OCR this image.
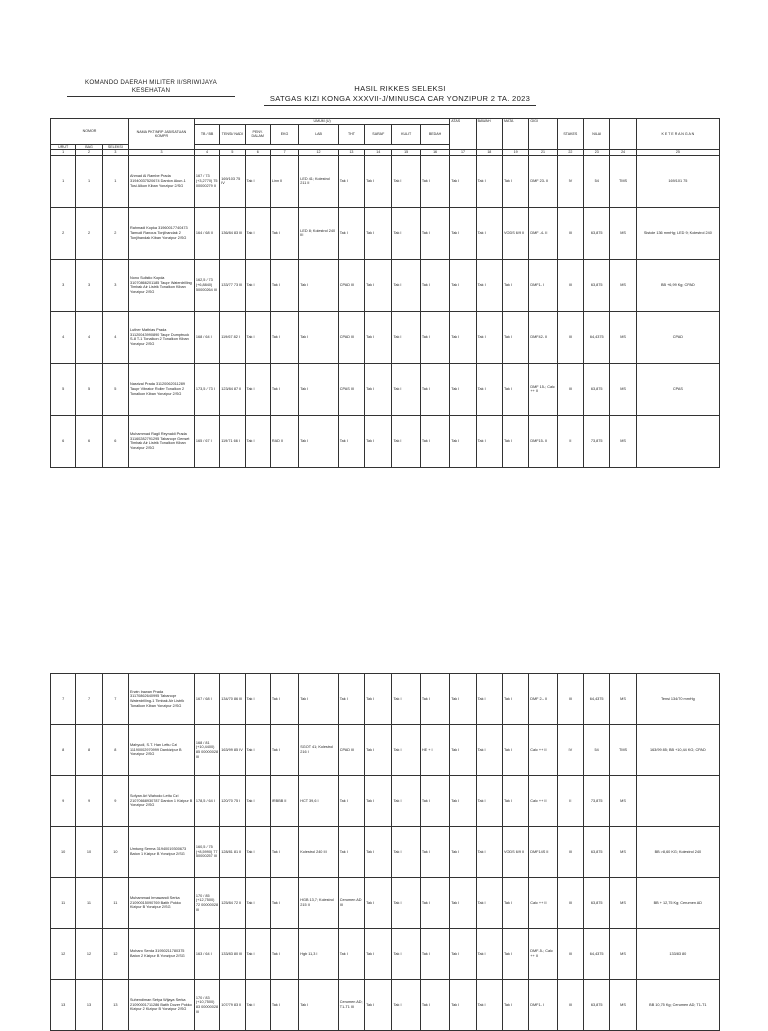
KOMANDO DAERAH MILITER II/SRIWIJAYA
KESEHATAN	HASIL RIKKES SELEKSI
SATGAS KIZI KONGA XXXVII-J/MINUSCA CAR YONZIPUR 2 TA. 2023
NOMOR			NAMA PKT/NRP JAB/SATUAN KOMPR	UMUM (U)									ATAS	BAWAH	MATA	GIGI	STAKES	NILAI		K E T E R A N G A N
				TB / BB	TENSI/ NADI	PENY. DALAM	EKG	LAB	THT	SARAF	KULIT	BEDAH								
URUT	BAG	SELEKSI																		
1	2	3	3	4	5	6	7	12	13	14	15	16	17	18	19	21	22	23	24	25
1	1	1	Ahmad Al Rambe Prada 31940037520674 Danton Akun-1 Tosi Alkon Kiban Yonzipur 2/SG	167 / 73 (+3,2770) 75 00000279 II	169/103 75 IV	Tak I	Linn II	LED 41; Kolestrol 211 II	Tak I	Tak I	Tak I	Tak I	Tak I	Tak I	Tak I	DMF 23- II	IV	54	TMS	169/101 75
2	2	2	Rahmadi Kopka 31960017740473 Tamudi Ranous Tonjihandak 2 Tonjihandak Kiban Yonzipur 2/SG	164 / 68 II	136/84 83 III	Tak I	Tak I	LED 8; Kolestrol 240 III	Tak I	Tak I	Tak I	Tak I	Tak I	Tak I	VODS 6/9 II	DMF -4- II	III	63,875	MS	Sistole 136 mmHg; LED 9; Kolestrol 240
3	3	3	Nono Sulistio Kopda 31070866201185 Taupr Waterdrilling Timbak Air Listrik Tonalkon Kiban Yonzipur 2/SG	162,5 / 73 (+6,8840) 50000264 III	133/77 73 III	Tak I	Tak I	Tak I	CPAD III	Tak I	Tak I	Tak I	Tak I	Tak I	Tak I	DMF1- I	III	63,875	MS	BB +6,99 Kg; CPAD
4	4	4	Luther Mathias Prada 31120043990890 Taupr Dumptruck S-8 T-1 Tonalkon 2 Tonalkon Kiban Yonzipur 2/SG	168 / 64 I	119/67 82 I	Tak I	Tak I	Tak I	CPAD III	Tak I	Tak I	Tak I	Tak I	Tak I	Tak I	DMF42- II	III	64,4375	MS	CPAD
5	5	5	Nasrizal Prada 31120062011289 Taupr Vibrator Roller Tonalkon 2 Tonalkon Kiban Yonzipur 2/SG	173,5 / 73 I	123/84 87 II	Tak I	Tak I	Tak I	CPAS III	Tak I	Tak I	Tak I	Tak I	Tak I	Tak I	DMF 15-; Calc ++ II	III	63,875	MS	CPAS
6	6	6	Muhammad Ragil Reynaldi Prada 31160282791295 Tabanopr Genset Timbak Air Listrik Tonalkon Kiban Yonzipur 2/SG	165 / 67 I	119/71 66 I	Tak I	RAD II	Tak I	Tak I	Tak I	Tak I	Tak I	Tak I	Tak I	Tak I	DMF15- II	II	73,875	MS	
7	7	7	Erwin Irawan Prada 31170862640995 Tabanopr Waterdrilling-1 Timbak Air Listrik Tonalkon Kiban Yonzipur 2/SG	167 / 68 I	134/70 86 III	Tak I	Tak I	Tak I	Tak I	Tak I	Tak I	Tak I	Tak I	Tak I	Tak I	DMF 2-- II	III	64,4375	MS	Tensi 134/70 mmHg
8	8	8	Mahyudi, S.T. Han Lettu Czi 11190002970999 Dankizipur B Yonzipur 2/SG	168 / 81 (+10,4400) 85 00000028 III	163/99 85 IV	Tak I	Tak I	SGOT 41; Kolestrol 216 I	CPAD III	Tak I	Tak I	HE + I	Tak I	Tak I	Tak I	Calc ++ II	IV	54	TMS	163/99 85; BB +10,44 KG; CPAD
9	9	9	Sofyan Ari Wahodo Lettu Czi 21070668930787 Danton 1 Kizipur B Yonzipur 2/SG	178,5 / 64 I	120/70 75 I	Tak I	IRBBB II	HCT 39,6 I	Tak I	Tak I	Tak I	Tak I	Tak I	Tak I	Tak I	Calc ++ II	II	73,875	MS	
10	10	10	Umtung Serma 31940019300673 Baton 1 Kizipur B Yonzipur 2/SG	160,5 / 75 (+8,5990) 77 50000257 III	128/81 81 II	Tak I	Tak I	Kolestrol 240 III	Tak I	Tak I	Tak I	Tak I	Tak I	Tak I	VODS 6/9 II	DMF14S II	III	63,875	MS	BB >8,60 KG; Kolestrol 240
11	11	11	Muhammad Irmawandi Serka 21090015090769 Batih Pokko Kizipur B Yonzipur 2/SG	170 / 85 (+12,7500) 72 00000028 III	125/84 72 II	Tak I	Tak I	HGB 13,7; Kolestrol 215 II	Cerumen AD III	Tak I	Tak I	Tak I	Tak I	Tak I	Tak I	Calc ++ II	III	63,875	MS	BB + 12,75 Kg; Cerumen AD
12	12	12	Moharo Serda 31950211780375 Baton 2 Kizipur B Yonzipur 2/SG	163 / 64 I	133/83 80 III	Tak I	Tak I	Hgb 11,3 I	Tak I	Tak I	Tak I	Tak I	Tak I	Tak I	Tak I	DMF-5-; Calc ++ II	III	64,4375	MS	133/83 80
13	13	13	Suhendiman Setya Wijaya Serka 21090001711286 Batih Dozer Pokko Kizipur 2 Kizipur B Yonzipur 2/SG	170 / 83 (+10,7500) 83 00000028 III	107/79 83 II	Tak I	Tak I	Tak I	Cerumen AD; T1-T1 III	Tak I	Tak I	Tak I	Tak I	Tak I	Tak I	DMF1- I	III	63,875	MS	BB 10,75 Kg; Cerumen AD; T1-T1
